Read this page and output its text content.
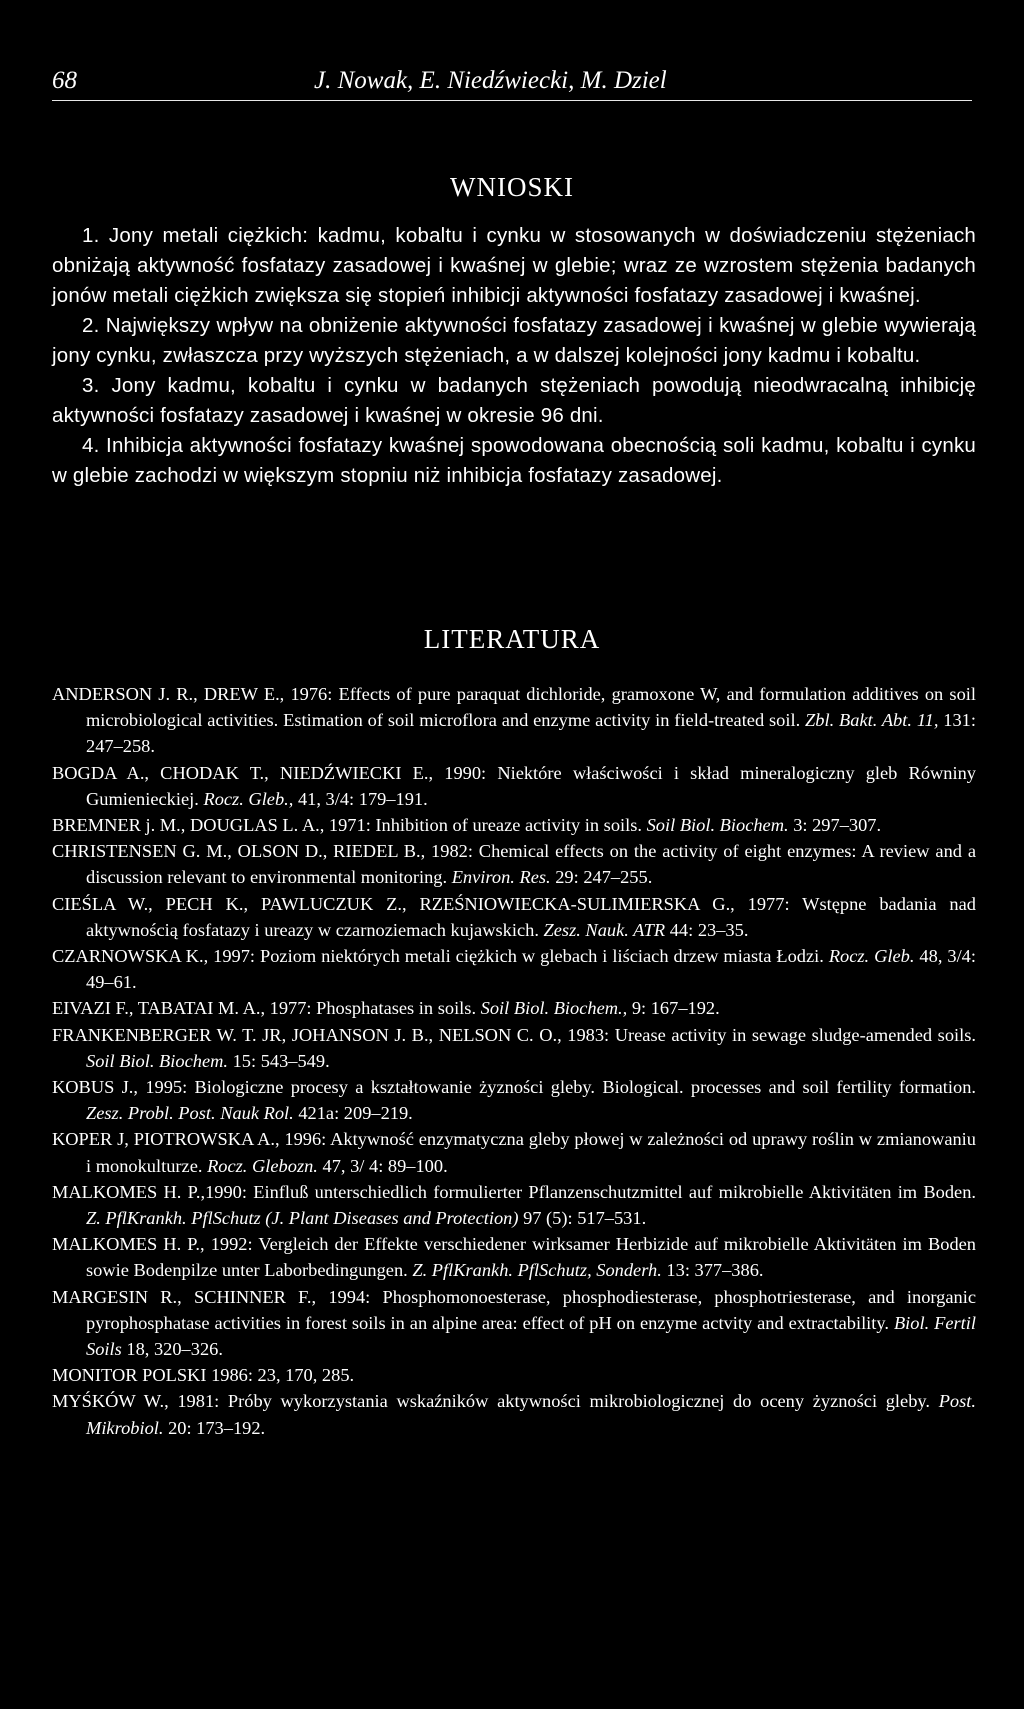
68	J. Nowak, E. Niedźwiecki, M. Dziel
WNIOSKI

1. Jony metali ciężkich: kadmu, kobaltu i cynku w stosowanych w doświadczeniu stężeniach obniżają aktywność fosfatazy zasadowej i kwaśnej w glebie; wraz ze wzrostem stężenia badanych jonów metali ciężkich zwiększa się stopień inhibicji aktywności fosfatazy zasadowej i kwaśnej.

2. Największy wpływ na obniżenie aktywności fosfatazy zasadowej i kwaśnej w glebie wywierają jony cynku, zwłaszcza przy wyższych stężeniach, a w dalszej kolejności jony kadmu i kobaltu.

3. Jony kadmu, kobaltu i cynku w badanych stężeniach powodują nieodwracalną inhibicję aktywności fosfatazy zasadowej i kwaśnej w okresie 96 dni.

4. Inhibicja aktywności fosfatazy kwaśnej spowodowana obecnością soli kadmu, kobaltu i cynku w glebie zachodzi w większym stopniu niż inhibicja fosfatazy zasadowej.

LITERATURA

ANDERSON J. R., DREW E., 1976: Effects of pure paraquat dichloride, gramoxone W, and formulation additives on soil microbiological activities. Estimation of soil microflora and enzyme activity in field-treated soil. Zbl. Bakt. Abt. 11, 131: 247–258.

BOGDA A., CHODAK T., NIEDŹWIECKI E., 1990: Niektóre właściwości i skład mineralogiczny gleb Równiny Gumienieckiej. Rocz. Gleb., 41, 3/4: 179–191.

BREMNER j. M., DOUGLAS L. A., 1971: Inhibition of ureaze activity in soils. Soil Biol. Biochem. 3: 297–307.

CHRISTENSEN G. M., OLSON D., RIEDEL B., 1982: Chemical effects on the activity of eight enzymes: A review and a discussion relevant to environmental monitoring. Environ. Res. 29: 247–255.

CIEŚLA W., PECH K., PAWLUCZUK Z., RZEŚNIOWIECKA-SULIMIERSKA G., 1977: Wstępne badania nad aktywnością fosfatazy i ureazy w czarnoziemach kujawskich. Zesz. Nauk. ATR 44: 23–35.

CZARNOWSKA K., 1997: Poziom niektórych metali ciężkich w glebach i liściach drzew miasta Łodzi. Rocz. Gleb. 48, 3/4: 49–61.

EIVAZI F., TABATAI M. A., 1977: Phosphatases in soils. Soil Biol. Biochem., 9: 167–192.

FRANKENBERGER W. T. JR, JOHANSON J. B., NELSON C. O., 1983: Urease activity in sewage sludge-amended soils. Soil Biol. Biochem. 15: 543–549.

KOBUS J., 1995: Biologiczne procesy a kształtowanie żyzności gleby. Biological. processes and soil fertility formation. Zesz. Probl. Post. Nauk Rol. 421a: 209–219.

KOPER J, PIOTROWSKA A., 1996: Aktywność enzymatyczna gleby płowej w zależności od uprawy roślin w zmianowaniu i monokulturze. Rocz. Glebozn. 47, 3/ 4: 89–100.

MALKOMES H. P.,1990: Einfluß unterschiedlich formulierter Pflanzenschutzmittel auf mikrobielle Aktivitäten im Boden. Z. PflKrankh. PflSchutz (J. Plant Diseases and Protection) 97 (5): 517–531.

MALKOMES H. P., 1992: Vergleich der Effekte verschiedener wirksamer Herbizide auf mikrobielle Aktivitäten im Boden sowie Bodenpilze unter Laborbedingungen. Z. PflKrankh. PflSchutz, Sonderh. 13: 377–386.

MARGESIN R., SCHINNER F., 1994: Phosphomonoesterase, phosphodiesterase, phosphotriesterase, and inorganic pyrophosphatase activities in forest soils in an alpine area: effect of pH on enzyme actvity and extractability. Biol. Fertil Soils 18, 320–326.

MONITOR POLSKI 1986: 23, 170, 285.

MYŚKÓW W., 1981: Próby wykorzystania wskaźników aktywności mikrobiologicznej do oceny żyzności gleby. Post. Mikrobiol. 20: 173–192.
